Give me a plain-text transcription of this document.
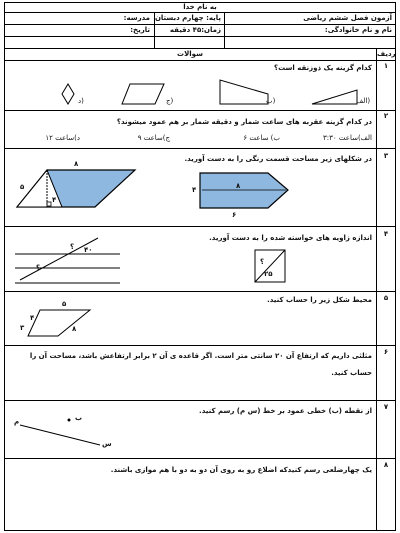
به نام خدا
آزمون فصل ششم ریاضی
پایه: چهارم دبستان
مدرسه:
نام و نام خانوادگی:
زمان:۴۵ دقیقه
تاریخ:
ردیف
سوالات
۱
۲
۳
۴
۵
۶
۷
۸
کدام گزینه یک ذوزنقه است؟
الف)
ب)
ج)
د)
در کدام گزینه عقربه های ساعت شمار و دقیقه شمار بر هم عمود میشوند؟
الف)ساعت ۳:۳۰
ب) ساعت ۶
ج)ساعت ۹
د)ساعت ۱۲
در شکلهای زیر مساحت قسمت رنگی را به دست آورید.
۸
۵
۴
۴	۸
۶
اندازه زاویه های خواسته شده را به دست آورید.
۴۰
؟
؟
۲۵
؟
محیط شکل زیر را حساب کنید.
۵
۴
۸
۳
مثلثی داریم که ارتفاع آن ۲۰ سانتی متر است. اگر قاعده ی آن ۲ برابر ارتفاعش باشد، مساحت آن را
حساب کنید.
از نقطه (ب) خطی عمود بر خط (س م) رسم کنید.
ب
م
س
یک چهارضلعی رسم کنیدکه اضلاع رو به روی آن دو به دو با هم موازی باشند.
